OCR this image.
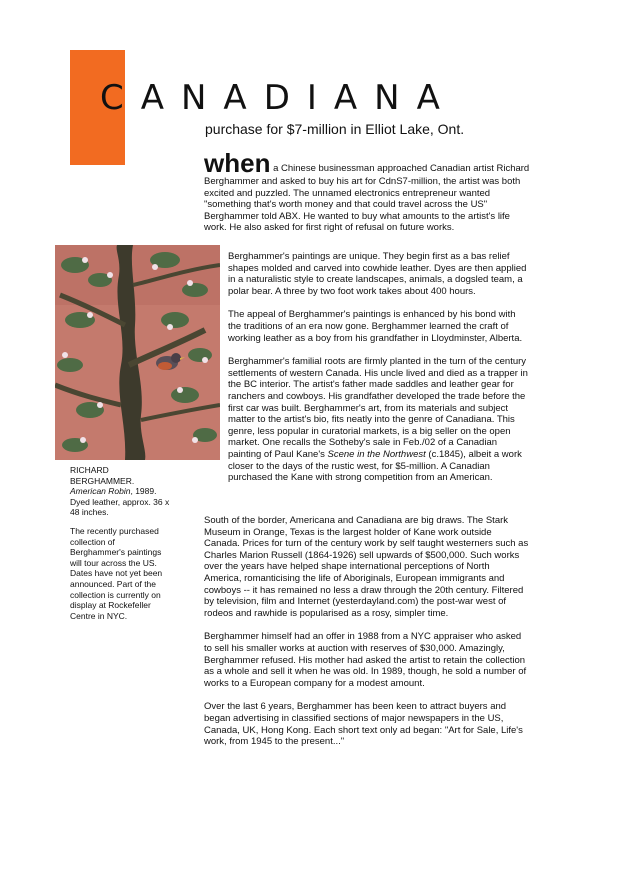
CANADIANA
purchase for $7-million in Elliot Lake, Ont.

when a Chinese businessman approached Canadian artist Richard Berghammer and asked to buy his art for CdnS7-million, the artist was both excited and puzzled. The unnamed electronics entrepreneur wanted "something that's worth money and that could travel across the US" Berghammer told ABX. He wanted to buy what amounts to the artist's life work. He also asked for first right of refusal on future works.

RICHARD BERGHAMMER.
American Robin, 1989. Dyed leather, approx. 36 x 48 inches.

The recently purchased collection of Berghammer's paintings will tour across the US. Dates have not yet been announced. Part of the collection is currently on display at Rockefeller Centre in NYC.

Berghammer's paintings are unique. They begin first as a bas relief shapes molded and carved into cowhide leather. Dyes are then applied in a naturalistic style to create landscapes, animals, a dogsled team, a polar bear. A three by two foot work takes about 400 hours.

The appeal of Berghammer's paintings is enhanced by his bond with the traditions of an era now gone. Berghammer learned the craft of working leather as a boy from his grandfather in Lloydminster, Alberta.

Berghammer's familial roots are firmly planted in the turn of the century settlements of western Canada. His uncle lived and died as a trapper in the BC interior. The artist's father made saddles and leather gear for ranchers and cowboys. His grandfather developed the trade before the first car was built. Berghammer's art, from its materials and subject matter to the artist's bio, fits neatly into the genre of Canadiana. This genre, less popular in curatorial markets, is a big seller on the open market. One recalls the Sotheby's sale in Feb./02 of a Canadian painting of Paul Kane's Scene in the Northwest (c.1845), albeit a work closer to the days of the rustic west, for $5-million. A Canadian purchased the Kane with strong competition from an American.

South of the border, Americana and Canadiana are big draws. The Stark Museum in Orange, Texas is the largest holder of Kane work outside Canada. Prices for turn of the century work by self taught westerners such as Charles Marion Russell (1864-1926) sell upwards of $500,000. Such works over the years have helped shape international perceptions of North America, romanticising the life of Aboriginals, European immigrants and cowboys -- it has remained no less a draw through the 20th century. Filtered by television, film and Internet (yesterdayland.com) the post-war west of rodeos and rawhide is popularised as a rosy, simpler time.

Berghammer himself had an offer in 1988 from a NYC appraiser who asked to sell his smaller works at auction with reserves of $30,000. Amazingly, Berghammer refused. His mother had asked the artist to retain the collection as a whole and sell it when he was old. In 1989, though, he sold a number of works to a European company for a modest amount.

Over the last 6 years, Berghammer has been keen to attract buyers and began advertising in classified sections of major newspapers in the US, Canada, UK, Hong Kong. Each short text only ad began: "Art for Sale, Life's work, from 1945 to the present..."
